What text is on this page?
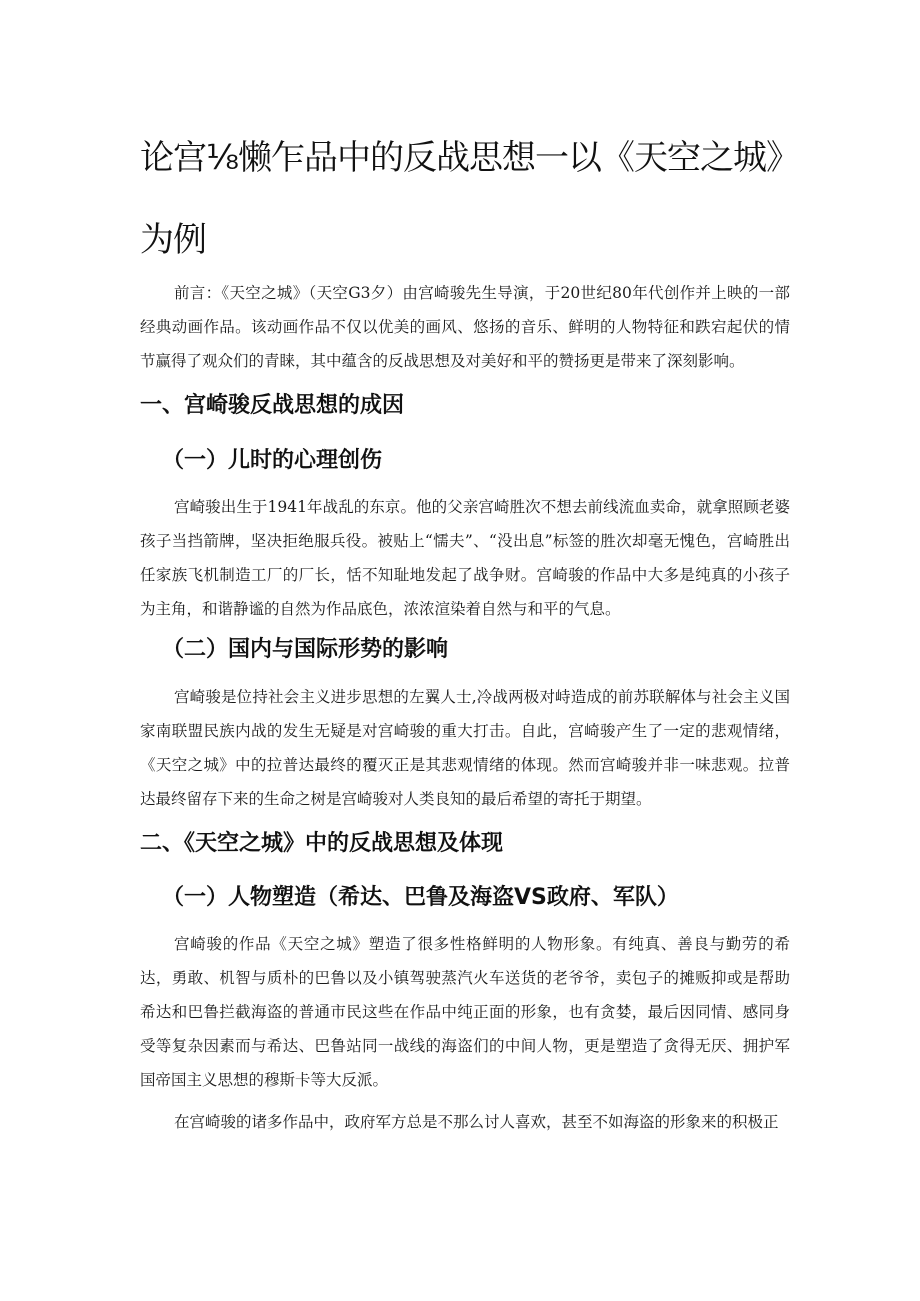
论宫⅛懒乍品中的反战思想一以《天空之城》
为例

前言：《天空之城》（天空G3夕）由宫崎骏先生导演，于20世纪80年代创作并上映的一部经典动画作品。该动画作品不仅以优美的画风、悠扬的音乐、鲜明的人物特征和跌宕起伏的情节赢得了观众们的青睐，其中蕴含的反战思想及对美好和平的赞扬更是带来了深刻影响。

一、宫崎骏反战思想的成因
（一）儿时的心理创伤

宫崎骏出生于1941年战乱的东京。他的父亲宫崎胜次不想去前线流血卖命，就拿照顾老婆孩子当挡箭牌，坚决拒绝服兵役。被贴上“懦夫”、“没出息”标签的胜次却毫无愧色，宫崎胜出任家族飞机制造工厂的厂长，恬不知耻地发起了战争财。宫崎骏的作品中大多是纯真的小孩子为主角，和谐静谧的自然为作品底色，浓浓渲染着自然与和平的气息。

（二）国内与国际形势的影响

宫崎骏是位持社会主义进步思想的左翼人士,冷战两极对峙造成的前苏联解体与社会主义国家南联盟民族内战的发生无疑是对宫崎骏的重大打击。自此，宫崎骏产生了一定的悲观情绪，《天空之城》中的拉普达最终的覆灭正是其悲观情绪的体现。然而宫崎骏并非一味悲观。拉普达最终留存下来的生命之树是宫崎骏对人类良知的最后希望的寄托于期望。

二、《天空之城》中的反战思想及体现
（一）人物塑造（希达、巴鲁及海盗VS政府、军队）

宫崎骏的作品《天空之城》塑造了很多性格鲜明的人物形象。有纯真、善良与勤劳的希达，勇敢、机智与质朴的巴鲁以及小镇驾驶蒸汽火车送货的老爷爷，卖包子的摊贩抑或是帮助希达和巴鲁拦截海盗的普通市民这些在作品中纯正面的形象，也有贪婪，最后因同情、感同身受等复杂因素而与希达、巴鲁站同一战线的海盗们的中间人物，更是塑造了贪得无厌、拥护军国帝国主义思想的穆斯卡等大反派。

在宫崎骏的诸多作品中，政府军方总是不那么讨人喜欢，甚至不如海盗的形象来的积极正
